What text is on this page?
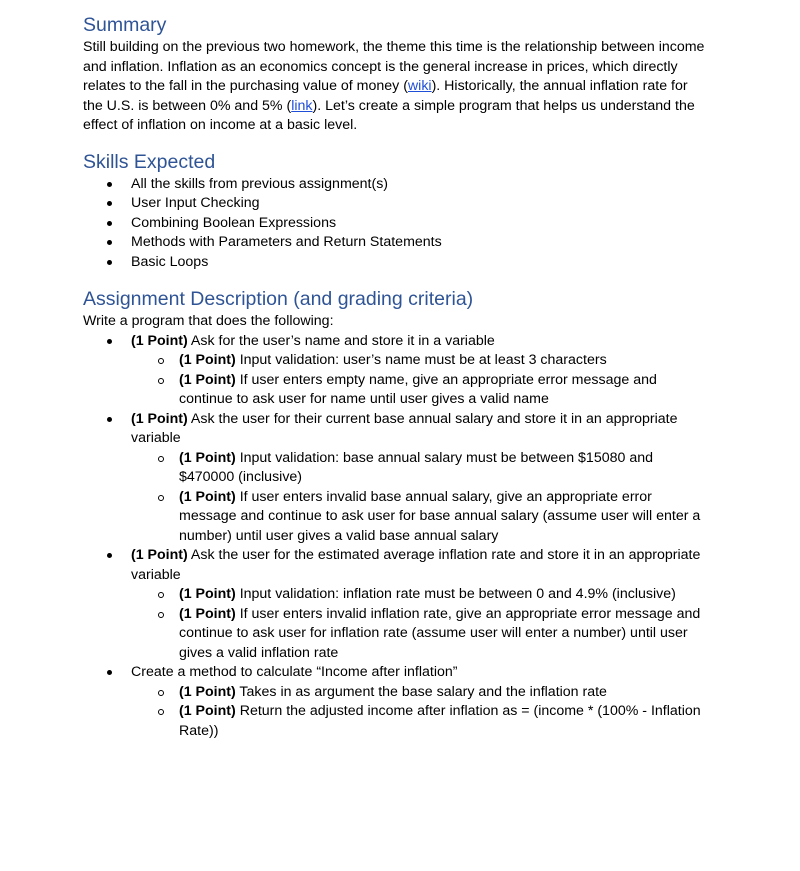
Summary

Still building on the previous two homework, the theme this time is the relationship between income and inflation. Inflation as an economics concept is the general increase in prices, which directly relates to the fall in the purchasing value of money (wiki). Historically, the annual inflation rate for the U.S. is between 0% and 5% (link). Let’s create a simple program that helps us understand the effect of inflation on income at a basic level.

Skills Expected
All the skills from previous assignment(s)
User Input Checking
Combining Boolean Expressions
Methods with Parameters and Return Statements
Basic Loops
Assignment Description (and grading criteria)

Write a program that does the following:

(1 Point) Ask for the user’s name and store it in a variable
(1 Point) Input validation: user’s name must be at least 3 characters
(1 Point) If user enters empty name, give an appropriate error message and continue to ask user for name until user gives a valid name
(1 Point) Ask the user for their current base annual salary and store it in an appropriate variable
(1 Point) Input validation: base annual salary must be between $15080 and $470000 (inclusive)
(1 Point) If user enters invalid base annual salary, give an appropriate error message and continue to ask user for base annual salary (assume user will enter a number) until user gives a valid base annual salary
(1 Point) Ask the user for the estimated average inflation rate and store it in an appropriate variable
(1 Point) Input validation: inflation rate must be between 0 and 4.9% (inclusive)
(1 Point) If user enters invalid inflation rate, give an appropriate error message and continue to ask user for inflation rate (assume user will enter a number) until user gives a valid inflation rate
Create a method to calculate “Income after inflation”
(1 Point) Takes in as argument the base salary and the inflation rate
(1 Point) Return the adjusted income after inflation as = (income * (100% - Inflation Rate))
